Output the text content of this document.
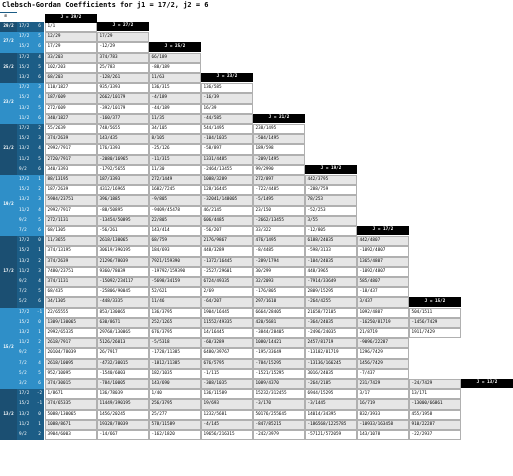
Clebsch-Gordan Coefficients for j1 = 17/2, j2 = 6
m
29/2
27/2
25/2
23/2
21/2
19/2
17/2
15/2
13/2
17/2	6	1/1
17/2	5	12/29	17/29
15/2	6	17/29	-12/29
17/2	4	33/203	374/783	66/189
15/2	5	102/203	25/783	-88/189
13/2	6	68/203	-128/261	11/63
17/2	3	110/1827	935/3393	136/315	136/585
15/2	4	187/609	2662/10179	-4/189	-16/39
13/2	5	272/609	-392/10179	-44/189	16/39
11/2	6	340/1827	-160/377	11/35	-44/585
17/2	2	55/2639	748/5655	34/105	544/1495	238/1495
15/2	3	374/2639	143/435	8/105	-104/1035	-504/1495
13/2	4	2992/7917	176/3393	-25/126	-58/897	189/598
11/2	5	2720/7917	-2080/16965	-11/315	1331/4485	-209/1495
9/2	6	340/3393	-1792/5655	11/30	-2464/13455	99/2990
17/2	1	88/13195	187/3393	272/1449	1088/3289	272/897	442/3795
15/2	2	187/2639	4312/16965	1682/7245	128/16445	-722/4485	-288/759
13/2	3	5984/23751	396/1885	-9/805	-32041/148005	-5/1495	78/253
11/2	4	2992/7917	-88/50895	-9409/45478	46/2145	23/150	-52/253
9/2	5	272/1131	-13454/50895	22/805	606/4485	-2662/13455	3/55
7/2	6	68/1305	-56/261	143/414	-56/207	33/322	-12/805
17/2	0	11/3655	2618/130065	68/759	2176/9867	476/1495	6188/24035	442/4807
15/2	1	374/13195	30619/390195	184/693	448/3289	-8/4485	-598/3133	-1092/4807
13/2	2	374/2639	21296/78039	7921/159390	-1372/16445	-289/1794	-104/24035	1365/4807
11/2	3	7480/23751	9360/78039	-19792/159390	-2527/29601	30/299	448/3965	-1092/4807
9/2	4	374/1131	-15092/234117	-5698/34159	6724/49335	32/2093	-7914/33649	585/4807
7/2	5	68/435	-25806/90045	52/621	2/69	-176/805	2809/15295	-18/437
5/2	6	34/1305	-448/3335	11/46	-64/207	297/1610	-264/4255	3/437
17/2	-1	22/65555	853/130065	136/3795	1904/16445	6664/28405	21658/72105	1092/4807	504/1511
15/2	0	1309/130065	630/8671	252/1265	11552/49335	420/5681	-364/24035	-16250/81719	-1456/7429
13/2	1	2992/65335	29768/130065	676/3795	14/16445	-3844/28405	-2496/24035	21/8719	1911/7429
11/2	2	2618/7917	5126/26013	-5/5318	-60/3289	1080/14421	2457/81719	-9096/22287
9/2	3	20104/78039	26/7917	-1728/11385	6480/39767	-195/33649	-13182/81719	1296/7429
7/2	4	2618/10095	-4732/30015	-1812/11385	676/5795	-784/15295	-13136/166245	1456/7429
5/2	5	952/10095	-1540/6003	182/1035	-1/115	-1521/15295	3016/24035	-7/437
3/2	6	374/30015	-784/10005	143/690	-308/1035	1089/4370	-264/2185	231/7429	-24/7429
17/2	-2	1/8671	136/78039	1/40	136/11589	15232/312455	6944/15295	3/17	13/171
15/2	-1	374/65335	11449/390195	256/3795	19/693	-3/170	-3/1445	16/719	-13000/66861
13/2	0	5088/130065	1456/20245	25/277	1232/5681	50176/255645	14014/34395	832/3933	455/1958
11/2	1	1088/8671	19328/78039	578/11589	-4/145	-847/85215	-186568/1225785	-10933/163458	910/22287
9/2	2	3904/6003	-14/667	-162/1820	19656/216315	-242/3979	-57121/572059	143/1078	-22/2937
J = 29/2
J = 27/2
J = 25/2
J = 23/2
J = 21/2
J = 19/2
J = 17/2
J = 15/2
J = 13/2
知乎 @风吹麦浪
